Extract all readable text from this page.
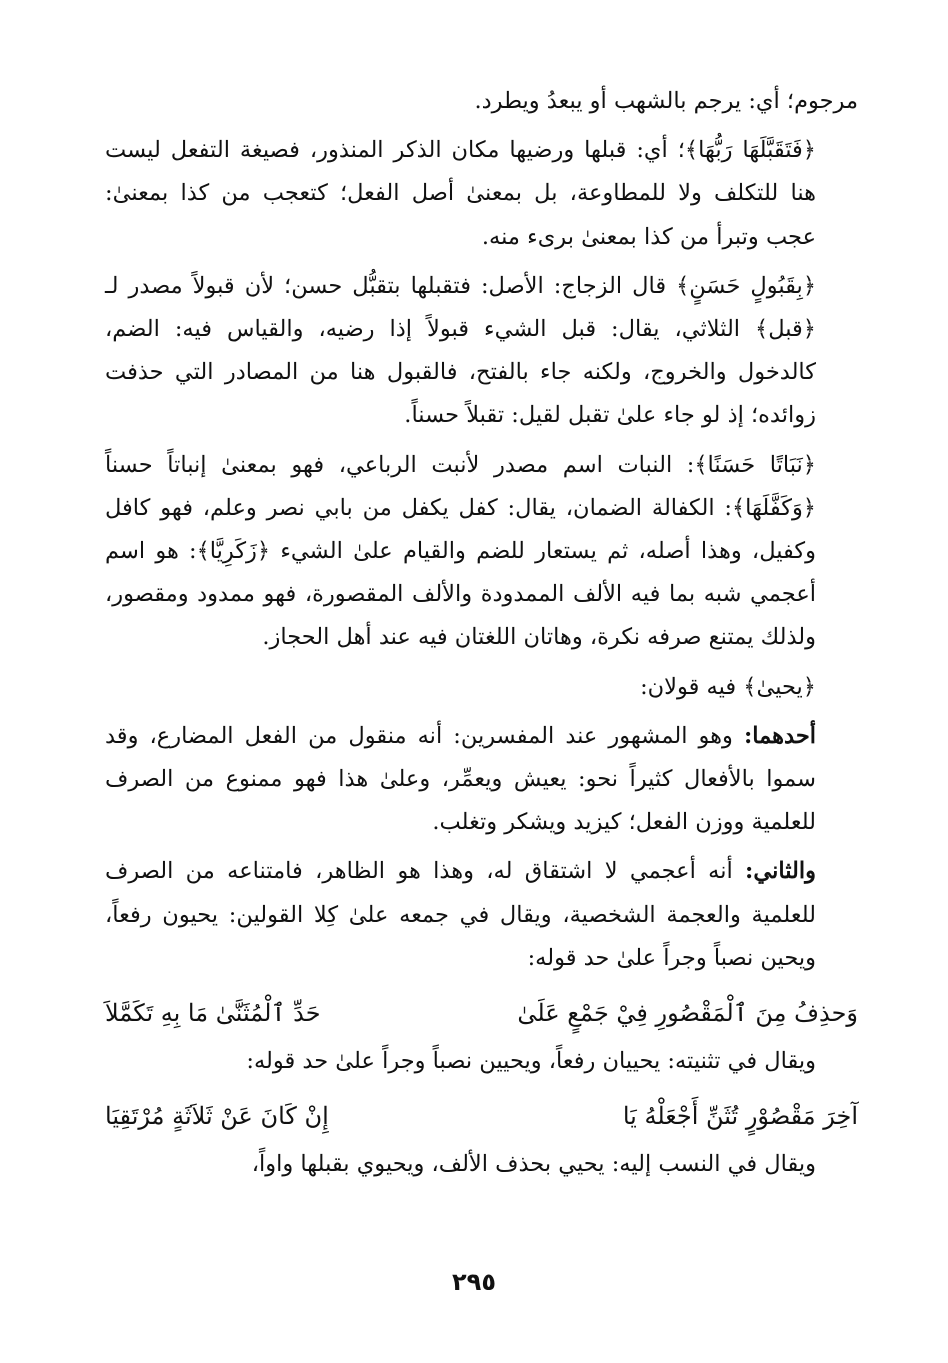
مرجوم؛ أي: يرجم بالشهب أو يبعدُ ويطرد.

﴿فَتَقَبَّلَهَا رَبُّهَا﴾؛ أي: قبلها ورضيها مكان الذكر المنذور، فصيغة التفعل ليست هنا للتكلف ولا للمطاوعة، بل بمعنىٰ أصل الفعل؛ كتعجب من كذا بمعنىٰ: عجب وتبرأ من كذا بمعنىٰ برىء منه.

﴿بِقَبُولٍ حَسَنٍ﴾ قال الزجاج: الأصل: فتقبلها بتقبُّل حسن؛ لأن قبولاً مصدر لـ ﴿قبل﴾ الثلاثي، يقال: قبل الشيء قبولاً إذا رضيه، والقياس فيه: الضم، كالدخول والخروج، ولكنه جاء بالفتح، فالقبول هنا من المصادر التي حذفت زوائده؛ إذ لو جاء علىٰ تقبل لقيل: تقبلاً حسناً.

﴿نَبَاتًا حَسَنًا﴾: النبات اسم مصدر لأنبت الرباعي، فهو بمعنىٰ إنباتاً حسناً ﴿وَكَفَّلَهَا﴾: الكفالة الضمان، يقال: كفل يكفل من بابي نصر وعلم، فهو كافل وكفيل، وهذا أصله، ثم يستعار للضم والقيام علىٰ الشيء ﴿زَكَرِيَّا﴾: هو اسم أعجمي شبه بما فيه الألف الممدودة والألف المقصورة، فهو ممدود ومقصور، ولذلك يمتنع صرفه نكرة، وهاتان اللغتان فيه عند أهل الحجاز.

﴿يحيىٰ﴾ فيه قولان:

أحدهما: وهو المشهور عند المفسرين: أنه منقول من الفعل المضارع، وقد سموا بالأفعال كثيراً نحو: يعيش ويعمِّر، وعلىٰ هذا فهو ممنوع من الصرف للعلمية ووزن الفعل؛ كيزيد ويشكر وتغلب.

والثاني: أنه أعجمي لا اشتقاق له، وهذا هو الظاهر، فامتناعه من الصرف للعلمية والعجمة الشخصية، ويقال في جمعه علىٰ كِلا القولين: يحيون رفعاً، ويحين نصباً وجراً علىٰ حد قوله:

وَحذِفُ مِنَ ٱلْمَقْصُورِ فِيْ جَمْعٍ عَلَىٰ
حَدِّ ٱلْمُثَنَّىٰ مَا بِهِ تَكَمَّلاَ

ويقال في تثنيته: يحييان رفعاً، ويحيين نصباً وجراً علىٰ حد قوله:

آخِرَ مَقْصُوْرٍ تُثَنِّ أَجْعَلْهُ يَا
إِنْ كَانَ عَنْ ثَلاَثَةٍ مُرْتَقِيَا

ويقال في النسب إليه: يحيي بحذف الألف، ويحيوي بقبلها واواً،

٢٩٥
